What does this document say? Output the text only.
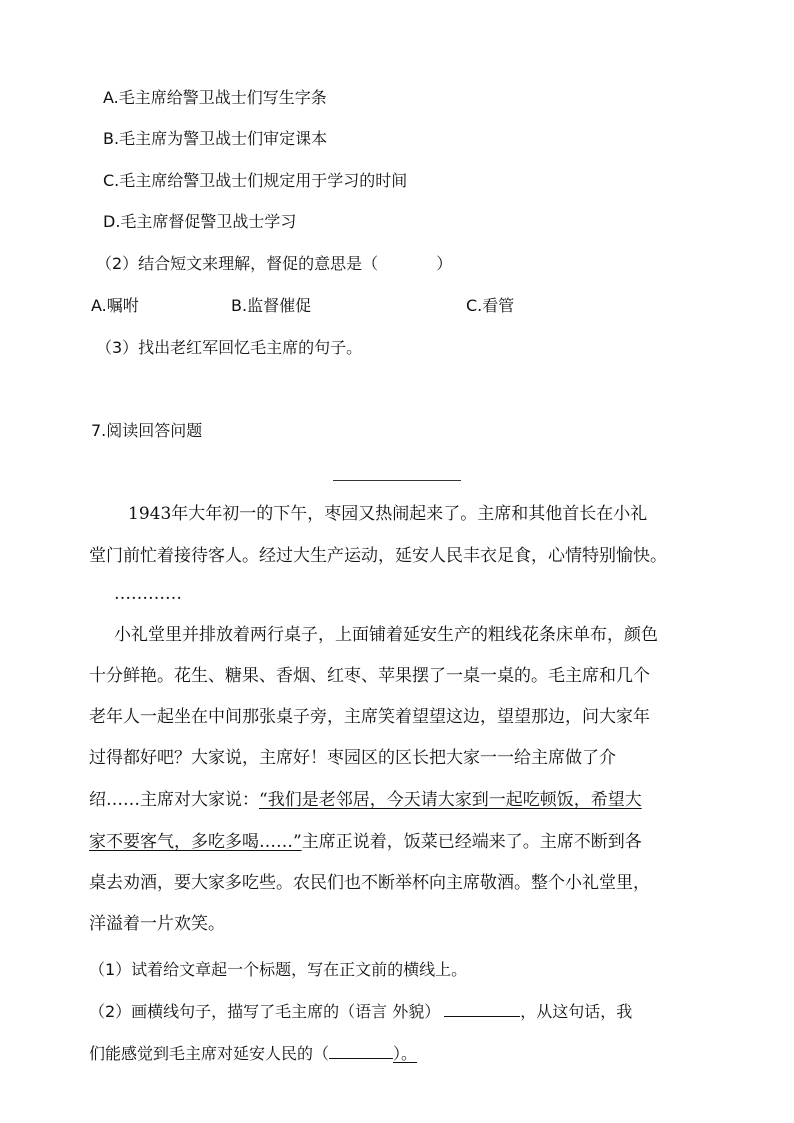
A.毛主席给警卫战士们写生字条
B.毛主席为警卫战士们审定课本
C.毛主席给警卫战士们规定用于学习的时间
D.毛主席督促警卫战士学习
（2）结合短文来理解，督促的意思是（	）
A.嘱咐	B.监督催促	C.看管
（3）找出老红军回忆毛主席的句子。
7.阅读回答问题
1943年大年初一的下午，枣园又热闹起来了。主席和其他首长在小礼
堂门前忙着接待客人。经过大生产运动，延安人民丰衣足食，心情特别愉快。
…………
小礼堂里并排放着两行桌子，上面铺着延安生产的粗线花条床单布，颜色
十分鲜艳。花生、糖果、香烟、红枣、苹果摆了一桌一桌的。毛主席和几个
老年人一起坐在中间那张桌子旁，主席笑着望望这边，望望那边，问大家年
过得都好吧？大家说，主席好！枣园区的区长把大家一一给主席做了介
绍……主席对大家说：“我们是老邻居，今天请大家到一起吃顿饭，希望大
家不要客气，多吃多喝……”主席正说着，饭菜已经端来了。主席不断到各
桌去劝酒，要大家多吃些。农民们也不断举杯向主席敬酒。整个小礼堂里，
洋溢着一片欢笑。
（1）试着给文章起一个标题，写在正文前的横线上。
（2）画横线句子，描写了毛主席的（语言 外貌）	，从这句话，我
们能感觉到毛主席对延安人民的（	）。
